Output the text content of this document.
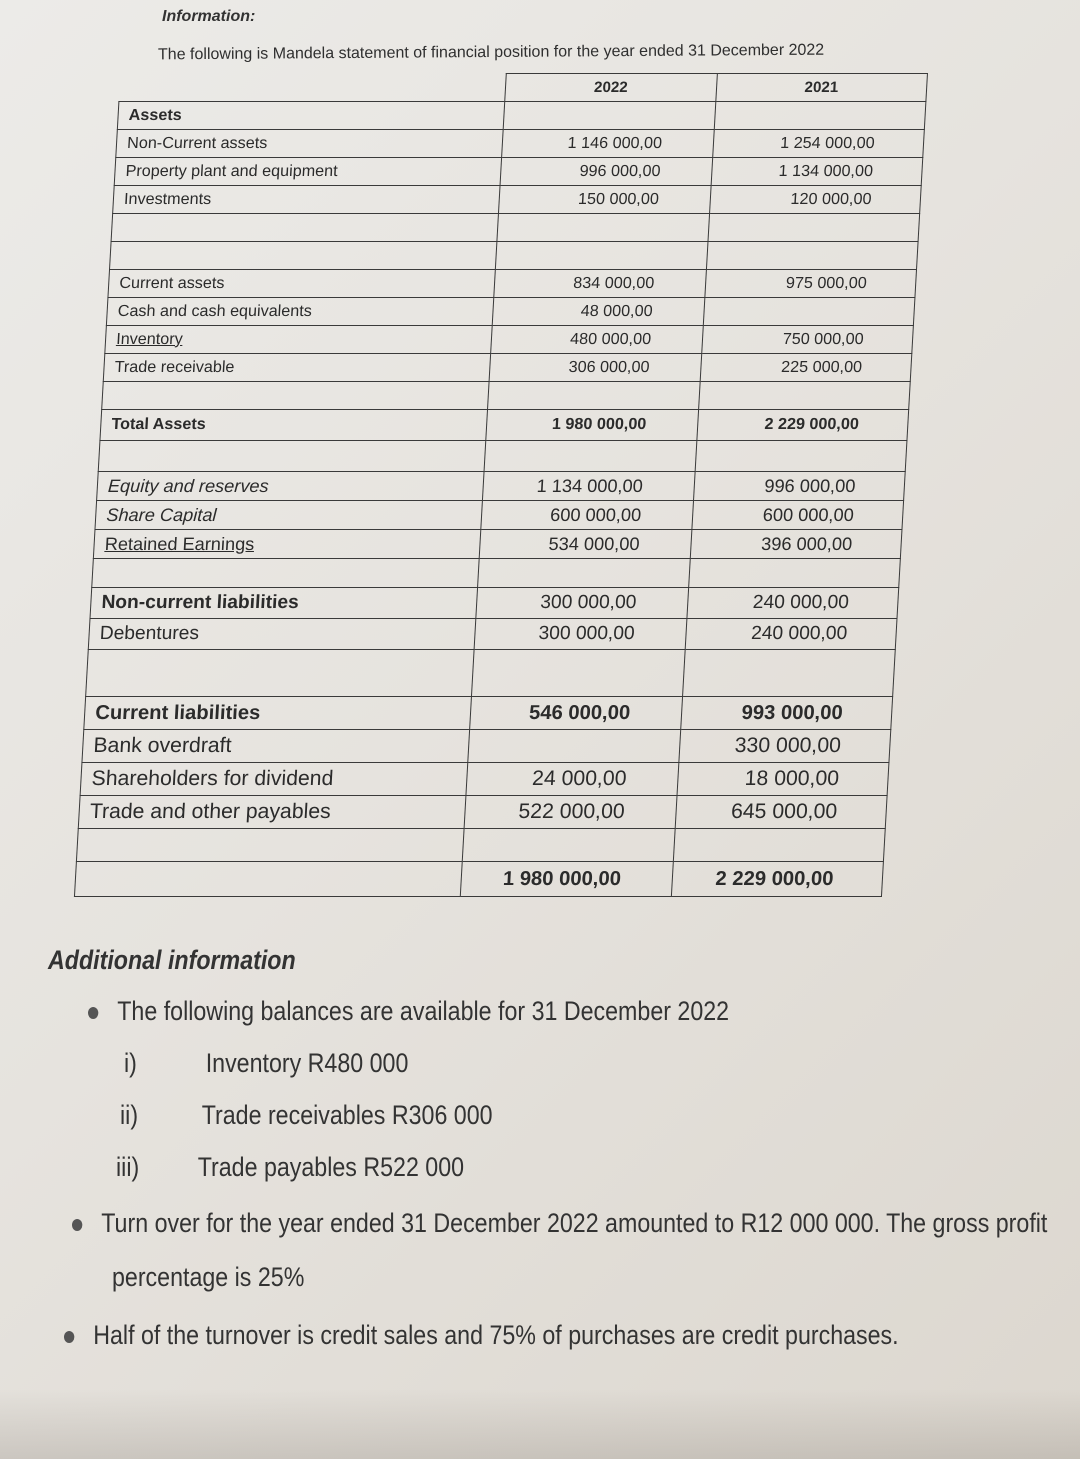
Information:
The following is Mandela statement of financial position for the year ended 31 December 2022
	2022	2021
Assets		
Non-Current assets	1 146 000,00	1 254 000,00
Property plant and equipment	996 000,00	1 134 000,00
Investments	150 000,00	120 000,00

Current assets	834 000,00	975 000,00
Cash and cash equivalents	48 000,00	
Inventory	480 000,00	750 000,00
Trade receivable	306 000,00	225 000,00

Total Assets	1 980 000,00	2 229 000,00

Equity and reserves	1 134 000,00	996 000,00
Share Capital	600 000,00	600 000,00
Retained Earnings	534 000,00	396 000,00

Non-current liabilities	300 000,00	240 000,00
Debentures	300 000,00	240 000,00

Current liabilities	546 000,00	993 000,00
Bank overdraft		330 000,00
Shareholders for dividend	24 000,00	18 000,00
Trade and other payables	522 000,00	645 000,00

	1 980 000,00	2 229 000,00
Additional information
The following balances are available for 31 December 2022
i)	Inventory R480 000
ii) Trade receivables R306 000
iii) Trade payables R522 000
Turn over for the year ended 31 December 2022 amounted to R12 000 000. The gross profit
percentage is 25%
Half of the turnover is credit sales and 75% of purchases are credit purchases.
